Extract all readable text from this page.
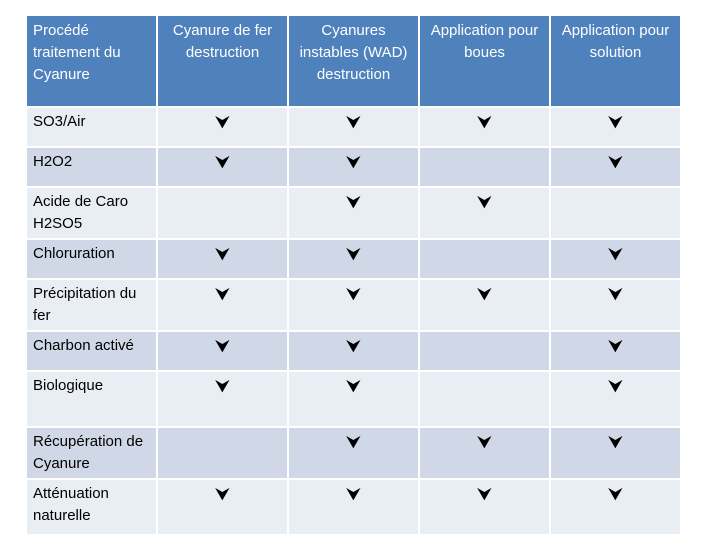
Procédé traitement du Cyanure	Cyanure de fer destruction	Cyanures instables (WAD) destruction	Application pour boues	Application pour solution
SO3/Air	⮟	⮟	⮟	⮟
H2O2	⮟	⮟		⮟
Acide de Caro H2SO5		⮟	⮟	
Chloruration	⮟	⮟		⮟
Précipitation du fer	⮟	⮟	⮟	⮟
Charbon activé	⮟	⮟		⮟
Biologique	⮟	⮟		⮟
Récupération de Cyanure		⮟	⮟	⮟
Atténuation naturelle	⮟	⮟	⮟	⮟
